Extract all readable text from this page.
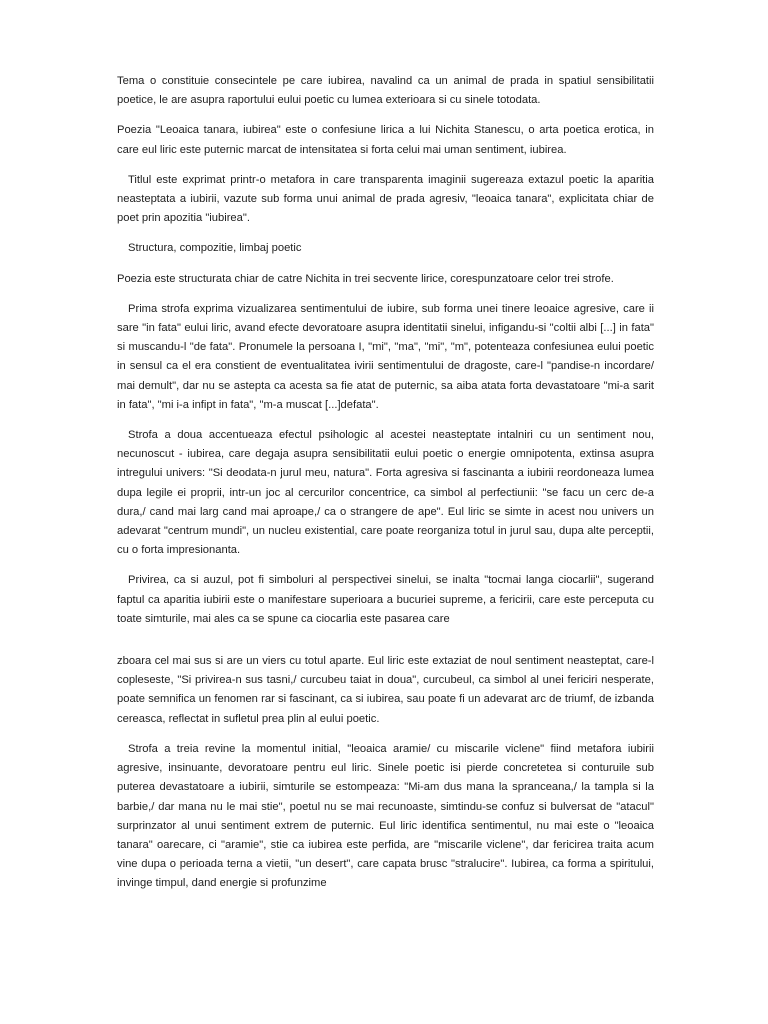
Tema o constituie consecintele pe care iubirea, navalind ca un animal de prada in spatiul sensibilitatii poetice, le are asupra raportului eului poetic cu lumea exterioara si cu sinele totodata.

Poezia "Leoaica tanara, iubirea" este o confesiune lirica a lui Nichita Stanescu, o arta poetica erotica, in care eul liric este puternic marcat de intensitatea si forta celui mai uman sentiment, iubirea.

Titlul este exprimat printr-o metafora in care transparenta imaginii sugereaza extazul poetic la aparitia neasteptata a iubirii, vazute sub forma unui animal de prada agresiv, "leoaica tanara", explicitata chiar de poet prin apozitia "iubirea".

Structura, compozitie, limbaj poetic

Poezia este structurata chiar de catre Nichita in trei secvente lirice, corespunzatoare celor trei strofe.

Prima strofa exprima vizualizarea sentimentului de iubire, sub forma unei tinere leoaice agresive, care ii sare "in fata" eului liric, avand efecte devoratoare asupra identitatii sinelui, infigandu-si "coltii albi [...] in fata" si muscandu-l "de fata". Pronumele la persoana I, "mi", "ma", "mi", "m", potenteaza confesiunea eului poetic in sensul ca el era constient de eventualitatea ivirii sentimentului de dragoste, care-l "pandise-n incordare/ mai demult", dar nu se astepta ca acesta sa fie atat de puternic, sa aiba atata forta devastatoare "mi-a sarit in fata", "mi i-a infipt in fata", "m-a muscat [...]defata".

Strofa a doua accentueaza efectul psihologic al acestei neasteptate intalniri cu un sentiment nou, necunoscut - iubirea, care degaja asupra sensibilitatii eului poetic o energie omnipotenta, extinsa asupra intregului univers: "Si deodata-n jurul meu, natura". Forta agresiva si fascinanta a iubirii reordoneaza lumea dupa legile ei proprii, intr-un joc al cercurilor concentrice, ca simbol al perfectiunii: "se facu un cerc de-a dura,/ cand mai larg cand mai aproape,/ ca o strangere de ape". Eul liric se simte in acest nou univers un adevarat "centrum mundi", un nucleu existential, care poate reorganiza totul in jurul sau, dupa alte perceptii, cu o forta impresionanta.

Privirea, ca si auzul, pot fi simboluri al perspectivei sinelui, se inalta "tocmai langa ciocarlii", sugerand faptul ca aparitia iubirii este o manifestare superioara a bucuriei supreme, a fericirii, care este perceputa cu toate simturile, mai ales ca se spune ca ciocarlia este pasarea care

zboara cel mai sus si are un viers cu totul aparte. Eul liric este extaziat de noul sentiment neasteptat, care-l copleseste, "Si privirea-n sus tasni,/ curcubeu taiat in doua", curcubeul, ca simbol al unei fericiri nesperate, poate semnifica un fenomen rar si fascinant, ca si iubirea, sau poate fi un adevarat arc de triumf, de izbanda cereasca, reflectat in sufletul prea plin al eului poetic.

Strofa a treia revine la momentul initial, "leoaica aramie/ cu miscarile viclene" fiind metafora iubirii agresive, insinuante, devoratoare pentru eul liric. Sinele poetic isi pierde concretetea si conturuile sub puterea devastatoare a iubirii, simturile se estompeaza: "Mi-am dus mana la spranceana,/ la tampla si la barbie,/ dar mana nu le mai stie", poetul nu se mai recunoaste, simtindu-se confuz si bulversat de "atacul" surprinzator al unui sentiment extrem de puternic. Eul liric identifica sentimentul, nu mai este o "leoaica tanara" oarecare, ci "aramie", stie ca iubirea este perfida, are "miscarile viclene", dar fericirea traita acum vine dupa o perioada terna a vietii, "un desert", care capata brusc "stralucire". Iubirea, ca forma a spiritului, invinge timpul, dand energie si profunzime
